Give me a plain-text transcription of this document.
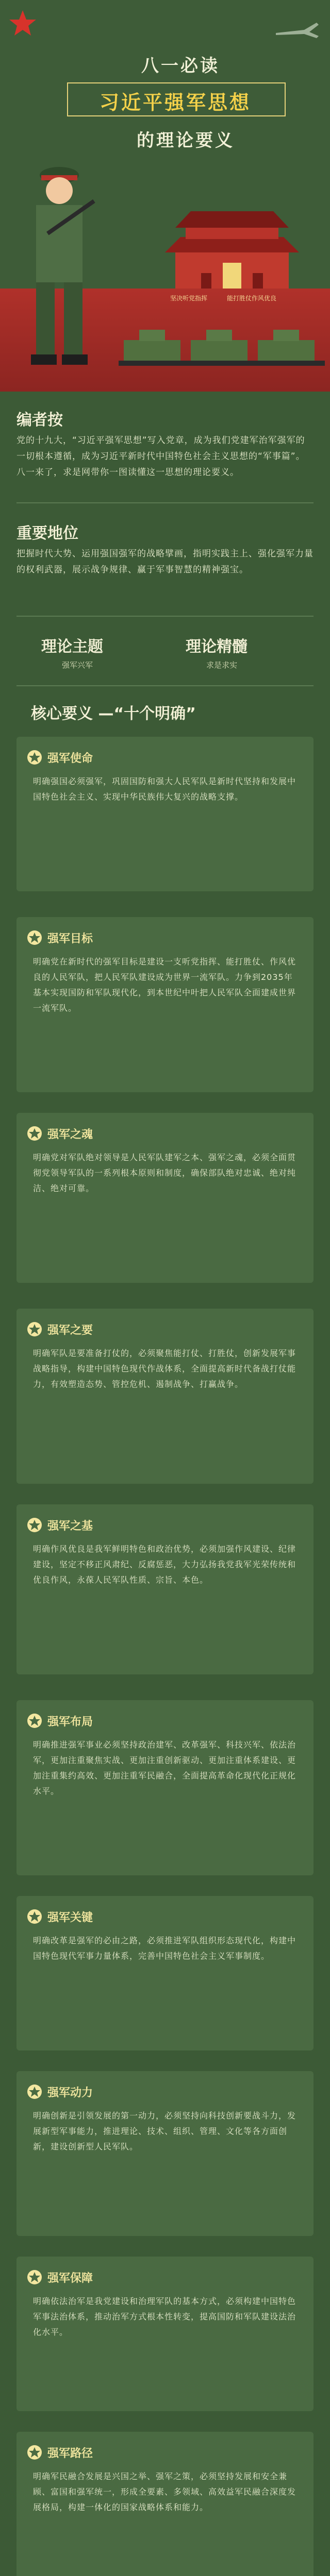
八一必读
习近平强军思想
的理论要义
坚决听党指挥	能打胜仗作风优良
编者按
党的十九大，“习近平强军思想”写入党章，成为我们党建军治军强军的一切根本遵循，成为习近平新时代中国特色社会主义思想的“军事篇”。八一来了，求是网带你一图读懂这一思想的理论要义。
重要地位
把握时代大势、运用强国强军的战略擘画，指明实践主上、强化强军力量的权利武器，展示战争规律、赢于军事智慧的精神强宝。
理论主题
强军兴军
理论精髓
求是求实
核心要义 —“十个明确”
强军使命
明确强国必须强军，巩固国防和强大人民军队是新时代坚持和发展中国特色社会主义、实现中华民族伟大复兴的战略支撑。
强军目标
明确党在新时代的强军目标是建设一支听党指挥、能打胜仗、作风优良的人民军队，把人民军队建设成为世界一流军队。力争到2035年基本实现国防和军队现代化，到本世纪中叶把人民军队全面建成世界一流军队。
强军之魂
明确党对军队绝对领导是人民军队建军之本、强军之魂，必须全面贯彻党领导军队的一系列根本原则和制度，确保部队绝对忠诚、绝对纯洁、绝对可靠。
强军之要
明确军队是要准备打仗的，必须聚焦能打仗、打胜仗，创新发展军事战略指导，构建中国特色现代作战体系，全面提高新时代备战打仗能力，有效塑造态势、管控危机、遏制战争、打赢战争。
强军之基
明确作风优良是我军鲜明特色和政治优势，必须加强作风建设、纪律建设，坚定不移正风肃纪、反腐惩恶，大力弘扬我党我军光荣传统和优良作风，永葆人民军队性质、宗旨、本色。
强军布局
明确推进强军事业必须坚持政治建军、改革强军、科技兴军、依法治军，更加注重聚焦实战、更加注重创新驱动、更加注重体系建设、更加注重集约高效、更加注重军民融合，全面提高革命化现代化正规化水平。
强军关键
明确改革是强军的必由之路，必须推进军队组织形态现代化，构建中国特色现代军事力量体系，完善中国特色社会主义军事制度。
强军动力
明确创新是引领发展的第一动力，必须坚持向科技创新要战斗力，发展新型军事能力，推进理论、技术、组织、管理、文化等各方面创新，建设创新型人民军队。
强军保障
明确依法治军是我党建设和治理军队的基本方式，必须构建中国特色军事法治体系，推动治军方式根本性转变，提高国防和军队建设法治化水平。
强军路径
明确军民融合发展是兴国之举、强军之策，必须坚持发展和安全兼顾、富国和强军统一，形成全要素、多领域、高效益军民融合深度发展格局，构建一体化的国家战略体系和能力。
